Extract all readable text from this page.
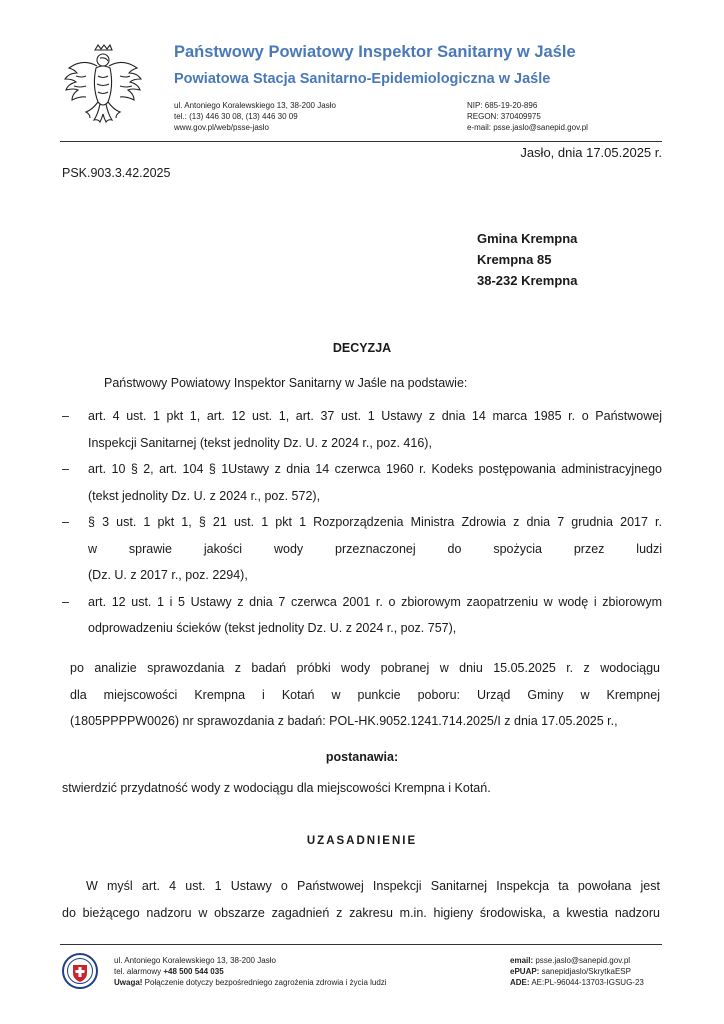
Państwowy Powiatowy Inspektor Sanitarny w Jaśle
Powiatowa Stacja Sanitarno-Epidemiologiczna w Jaśle
ul. Antoniego Koralewskiego 13, 38-200 Jasło
tel.: (13) 446 30 08, (13) 446 30 09
www.gov.pl/web/psse-jaslo
NIP: 685-19-20-896
REGON: 370409975
e-mail: psse.jaslo@sanepid.gov.pl
Jasło, dnia 17.05.2025 r.
PSK.903.3.42.2025
Gmina Krempna
Krempna 85
38-232 Krempna
DECYZJA
Państwowy Powiatowy Inspektor Sanitarny w Jaśle na podstawie:
– art. 4 ust. 1 pkt 1, art. 12 ust. 1, art. 37 ust. 1 Ustawy z dnia 14 marca 1985 r. o Państwowej
Inspekcji Sanitarnej (tekst jednolity Dz. U. z 2024 r., poz. 416),
– art. 10 § 2, art. 104 § 1Ustawy z dnia 14 czerwca 1960 r. Kodeks postępowania administracyjnego
(tekst jednolity Dz. U. z 2024 r., poz. 572),
– § 3 ust. 1 pkt 1, § 21 ust. 1 pkt 1 Rozporządzenia Ministra Zdrowia z dnia 7 grudnia 2017 r.
w sprawie jakości wody przeznaczonej do spożycia przez ludzi
(Dz. U. z 2017 r., poz. 2294),
– art. 12 ust. 1 i 5 Ustawy z dnia 7 czerwca 2001 r. o zbiorowym zaopatrzeniu w wodę i zbiorowym
odprowadzeniu ścieków (tekst jednolity Dz. U. z 2024 r., poz. 757),
po analizie sprawozdania z badań próbki wody pobranej w dniu 15.05.2025 r. z wodociągu
dla miejscowości Krempna i Kotań w punkcie poboru: Urząd Gminy w Krempnej
(1805PPPPW0026) nr sprawozdania z badań: POL-HK.9052.1241.714.2025/I z dnia 17.05.2025 r.,
postanawia:
stwierdzić przydatność wody z wodociągu dla miejscowości Krempna i Kotań.
UZASADNIENIE
W myśl art. 4 ust. 1 Ustawy o Państwowej Inspekcji Sanitarnej Inspekcja ta powołana jest
do bieżącego nadzoru w obszarze zagadnień z zakresu m.in. higieny środowiska, a kwestia nadzoru
ul. Antoniego Koralewskiego 13, 38-200 Jasło
tel. alarmowy +48 500 544 035
Uwaga! Połączenie dotyczy bezpośredniego zagrożenia zdrowia i życia ludzi
email: psse.jaslo@sanepid.gov.pl
ePUAP: sanepidjaslo/SkrytkaESP
ADE: AE:PL-96044-13703-IGSUG-23
